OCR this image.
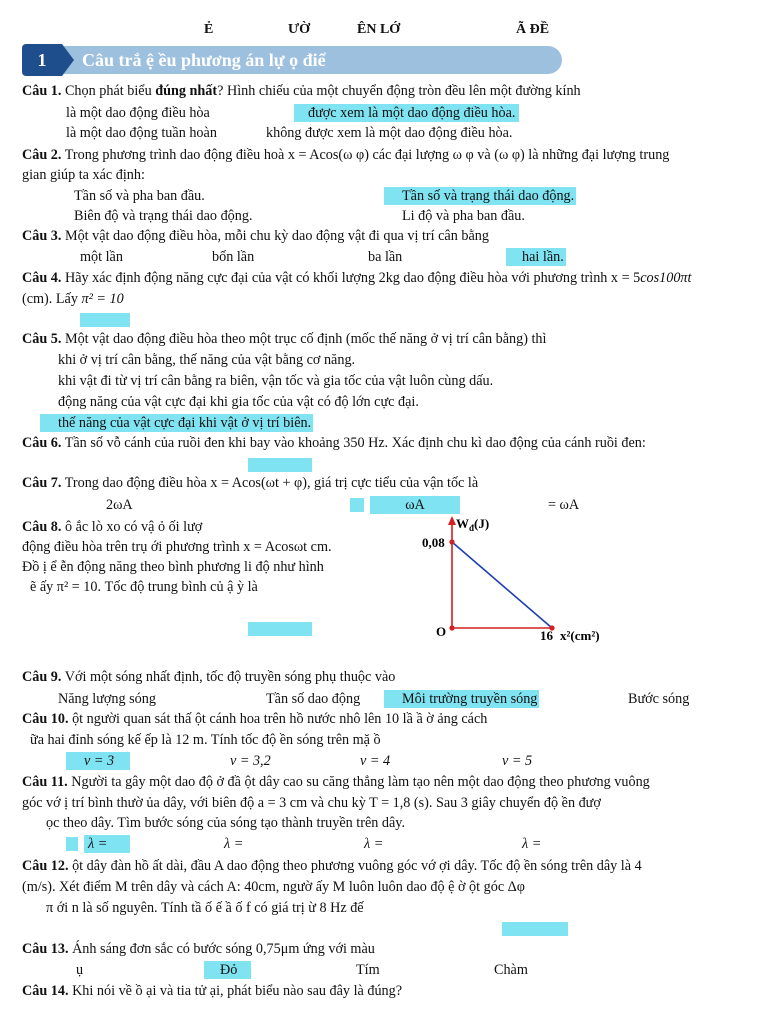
Ẻ	ƯỜ	ÊN LỚ	Ã ĐỀ
1	Câu trắ ệ ều phương án lự ọ điể
Câu 1. Chọn phát biểu đúng nhất? Hình chiếu của một chuyển động tròn đều lên một đường kính
là một dao động điều hòa	được xem là một dao động điều hòa.
là một dao động tuần hoàn	không được xem là một dao động điều hòa.
Câu 2. Trong phương trình dao động điều hoà x = Acos(ω φ) các đại lượng ω φ và (ω φ) là những đại lượng trung
gian giúp ta xác định:
Tần số và pha ban đầu.	Tần số và trạng thái dao động.
Biên độ và trạng thái dao động.	Li độ và pha ban đầu.
Câu 3. Một vật dao động điều hòa, mỗi chu kỳ dao động vật đi qua vị trí cân bằng
một lần	bốn lần	ba lần	hai lần.
Câu 4. Hãy xác định động năng cực đại của vật có khối lượng 2kg dao động điều hòa với phương trình x = 5cos100πt
(cm). Lấy π² = 10
Câu 5. Một vật dao động điều hòa theo một trục cố định (mốc thế năng ở vị trí cân bằng) thì
khi ở vị trí cân bằng, thế năng của vật bằng cơ năng.
khi vật đi từ vị trí cân bằng ra biên, vận tốc và gia tốc của vật luôn cùng dấu.
động năng của vật cực đại khi gia tốc của vật có độ lớn cực đại.
thế năng của vật cực đại khi vật ở vị trí biên.
Câu 6. Tần số vỗ cánh của ruồi đen khi bay vào khoảng 350 Hz. Xác định chu kì dao động của cánh ruồi đen:
Câu 7. Trong dao động điều hòa x = Acos(ωt + φ), giá trị cực tiểu của vận tốc là
2ωA	ωA	= ωA
Câu 8. ô ắc lò xo có vậ ỏ ối lượ
động điều hòa trên trụ ới phương trình x = Acosωt cm.
Đồ ị ể ễn động năng theo bình phương li độ như hình
ẽ ấy π² = 10. Tốc độ trung bình củ ậ ỳ là
$W_đ(J)$
0,08
O	16 x²(cm²)
Câu 9. Với một sóng nhất định, tốc độ truyền sóng phụ thuộc vào
Năng lượng sóng	Tần số dao động	Môi trường truyền sóng	Bước sóng
Câu 10. ột người quan sát thấ ột cánh hoa trên hồ nước nhô lên 10 lầ ầ ờ ảng cách
ữa hai đỉnh sóng kế ếp là 12 m. Tính tốc độ ền sóng trên mặ ồ
v = 3	v = 3,2	v = 4	v = 5
Câu 11. Người ta gây một dao độ ở đầ ột dây cao su căng thẳng làm tạo nên một dao động theo phương vuông
góc vớ ị trí bình thườ ủa dây, với biên độ a = 3 cm và chu kỳ T = 1,8 (s). Sau 3 giây chuyển độ ền đượ
ọc theo dây. Tìm bước sóng của sóng tạo thành truyền trên dây.
λ =	λ =	λ =	λ =
Câu 12. ột dây đàn hồ ất dài, đầu A dao động theo phương vuông góc vớ ợi dây. Tốc độ ền sóng trên dây là 4
(m/s). Xét điểm M trên dây và cách A: 40cm, ngườ ấy M luôn luôn dao độ ệ ờ ột góc Δφ
π ới n là số nguyên. Tính tầ ố ế ầ ố f có giá trị ừ 8 Hz đế
Câu 13. Ánh sáng đơn sắc có bước sóng 0,75μm ứng với màu
ụ	Đỏ	Tím	Chàm
Câu 14. Khi nói về ồ ại và tia tử ại, phát biểu nào sau đây là đúng?
